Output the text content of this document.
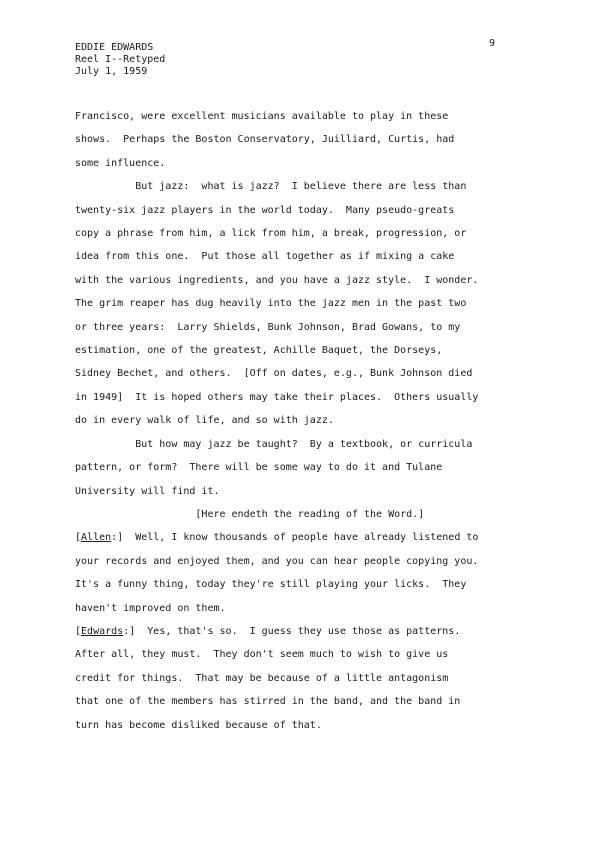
EDDIE EDWARDS
Reel I--Retyped
July 1, 1959
9
Francisco, were excellent musicians available to play in these
shows.  Perhaps the Boston Conservatory, Juilliard, Curtis, had
some influence.
But jazz:  what is jazz?  I believe there are less than
twenty-six jazz players in the world today.  Many pseudo-greats
copy a phrase from him, a lick from him, a break, progression, or
idea from this one.  Put those all together as if mixing a cake
with the various ingredients, and you have a jazz style.  I wonder.
The grim reaper has dug heavily into the jazz men in the past two
or three years:  Larry Shields, Bunk Johnson, Brad Gowans, to my
estimation, one of the greatest, Achille Baquet, the Dorseys,
Sidney Bechet, and others.  [Off on dates, e.g., Bunk Johnson died
in 1949]  It is hoped others may take their places.  Others usually
do in every walk of life, and so with jazz.
But how may jazz be taught?  By a textbook, or curricula
pattern, or form?  There will be some way to do it and Tulane
University will find it.
[Here endeth the reading of the Word.]
[Allen:]  Well, I know thousands of people have already listened to
your records and enjoyed them, and you can hear people copying you.
It's a funny thing, today they're still playing your licks.  They
haven't improved on them.
[Edwards:]  Yes, that's so.  I guess they use those as patterns.
After all, they must.  They don't seem much to wish to give us
credit for things.  That may be because of a little antagonism
that one of the members has stirred in the band, and the band in
turn has become disliked because of that.
